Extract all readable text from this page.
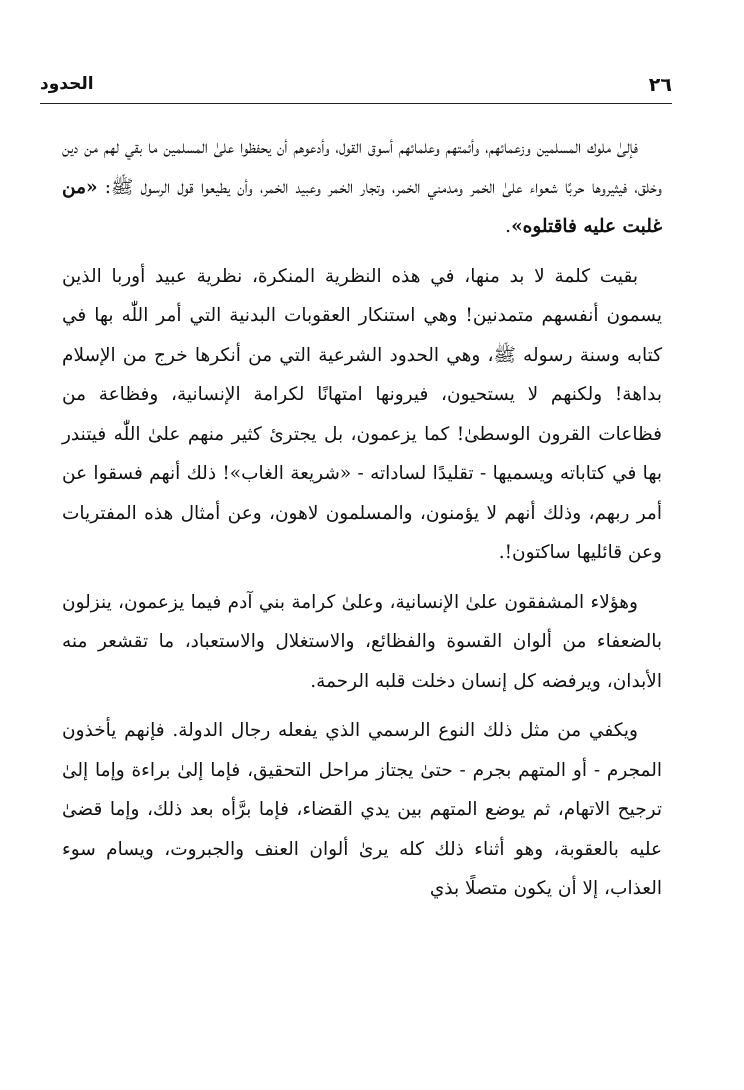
٢٦
الحدود

فإلىٰ ملوك المسلمين وزعمائهم، وأئمتهم وعلمائهم أسوق القول، وأدعوهم أن يحفظوا علىٰ المسلمين ما بقي لهم من دين وخلق، فيثيروها حربًا شعواء علىٰ الخمر ومدمني الخمر، وتجار الخمر وعبيد الخمر، وأن يطيعوا قول الرسول ﷺ: «من غلبت عليه فاقتلوه».

بقيت كلمة لا بد منها، في هذه النظرية المنكرة، نظرية عبيد أوربا الذين يسمون أنفسهم متمدنين! وهي استنكار العقوبات البدنية التي أمر اللّٰه بها في كتابه وسنة رسوله ﷺ، وهي الحدود الشرعية التي من أنكرها خرج من الإسلام بداهة! ولكنهم لا يستحيون، فيرونها امتهانًا لكرامة الإنسانية، وفظاعة من فظاعات القرون الوسطىٰ! كما يزعمون، بل يجترئ كثير منهم علىٰ اللّٰه فيتندر بها في كتاباته ويسميها - تقليدًا لساداته - «شريعة الغاب»! ذلك أنهم فسقوا عن أمر ربهم، وذلك أنهم لا يؤمنون، والمسلمون لاهون، وعن أمثال هذه المفتريات وعن قائليها ساكتون!.

وهؤلاء المشفقون علىٰ الإنسانية، وعلىٰ كرامة بني آدم فيما يزعمون، ينزلون بالضعفاء من ألوان القسوة والفظائع، والاستغلال والاستعباد، ما تقشعر منه الأبدان، ويرفضه كل إنسان دخلت قلبه الرحمة.

ويكفي من مثل ذلك النوع الرسمي الذي يفعله رجال الدولة. فإنهم يأخذون المجرم - أو المتهم بجرم - حتىٰ يجتاز مراحل التحقيق، فإما إلىٰ براءة وإما إلىٰ ترجيح الاتهام، ثم يوضع المتهم بين يدي القضاء، فإما برَّأه بعد ذلك، وإما قضىٰ عليه بالعقوبة، وهو أثناء ذلك كله يرىٰ ألوان العنف والجبروت، ويسام سوء العذاب، إلا أن يكون متصلًا بذي
